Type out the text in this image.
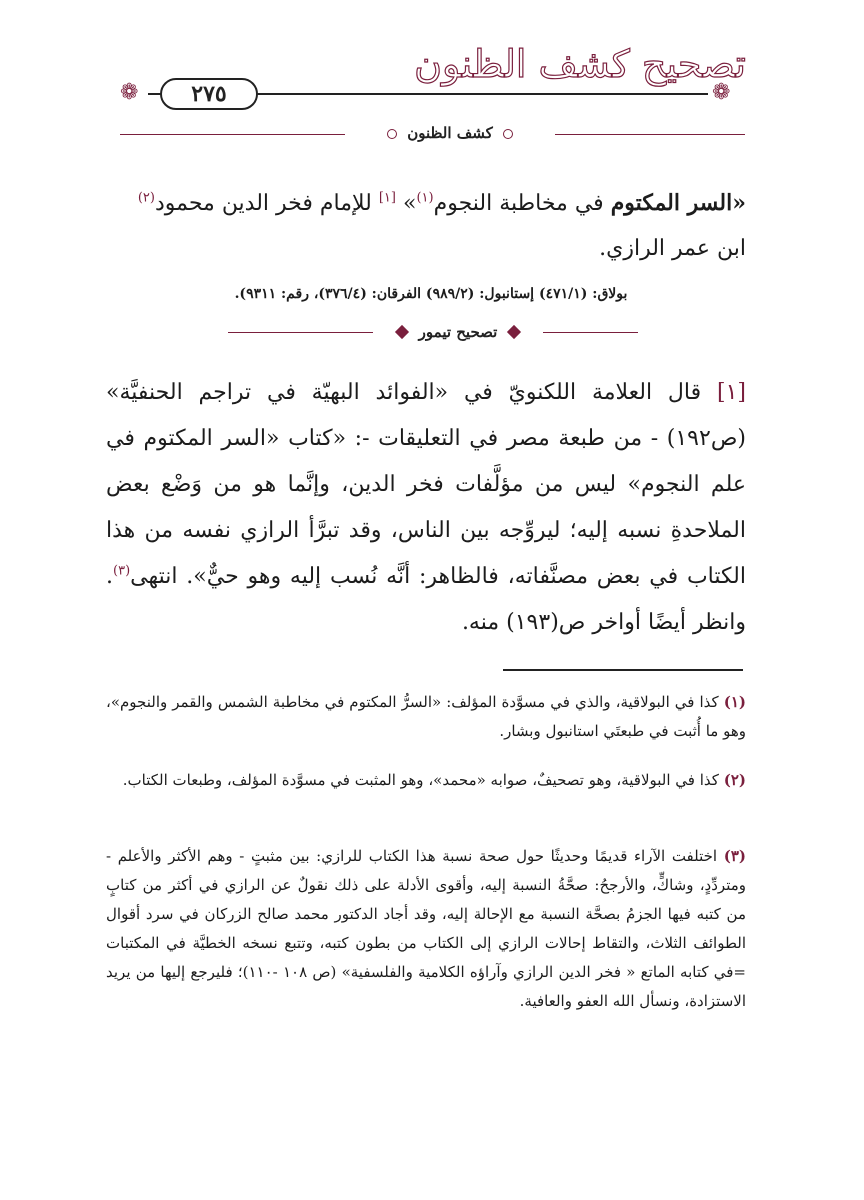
تصحيح كشف الظنون
❁	❁
٢٧٥
كشف الظنون
«السر المكتوم في مخاطبة النجوم$^{(١)}$» [١] للإمام فخر الدين محمود$^{(٢)}$
ابن عمر الرازي.
بولاق: (٤٧١/١) إستانبول: (٩٨٩/٢) الفرقان: (٣٧٦/٤)، رقم: ٩٣١١).
تصحيح تيمور
[١] قال العلامة اللكنويّ في «الفوائد البهيّة في تراجم الحنفيَّة» (ص١٩٢) - من طبعة مصر في التعليقات -: «كتاب «السر المكتوم في علم النجوم» ليس من مؤلَّفات فخر الدين، وإنَّما هو من وَضْع بعض الملاحدةِ نسبه إليه؛ ليروِّجه بين الناس، وقد تبرَّأ الرازي نفسه من هذا الكتاب في بعض مصنَّفاته، فالظاهر: أنَّه نُسب إليه وهو حيٌّ». انتهى$^{(٣)}$. وانظر أيضًا أواخر ص(١٩٣) منه.
(١) كذا في البولاقية، والذي في مسوَّدة المؤلف: «السرُّ المكتوم في مخاطبة الشمس والقمر والنجوم»، وهو ما أُثبت في طبعتَي استانبول وبشار.
(٢) كذا في البولاقية، وهو تصحيفٌ، صوابه «محمد»، وهو المثبت في مسوَّدة المؤلف، وطبعات الكتاب.
(٣) اختلفت الآراء قديمًا وحديثًا حول صحة نسبة هذا الكتاب للرازي: بين مثبتٍ - وهم الأكثر والأعلم - ومتردِّدٍ، وشاكٍّ، والأرجحُ: صحَّةُ النسبة إليه، وأقوى الأدلة على ذلك نقولٌ عن الرازي في أكثر من كتابٍ من كتبه فيها الجزمُ بصحَّة النسبة مع الإحالة إليه، وقد أجاد الدكتور محمد صالح الزركان في سرد أقوال الطوائف الثلاث، والتقاط إحالات الرازي إلى الكتاب من بطون كتبه، وتتبع نسخه الخطيَّة في المكتبات =في كتابه الماتع « فخر الدين الرازي وآراؤه الكلامية والفلسفية» (ص ١٠٨ -١١٠)؛ فليرجع إليها من يريد الاستزادة، ونسأل الله العفو والعافية.
